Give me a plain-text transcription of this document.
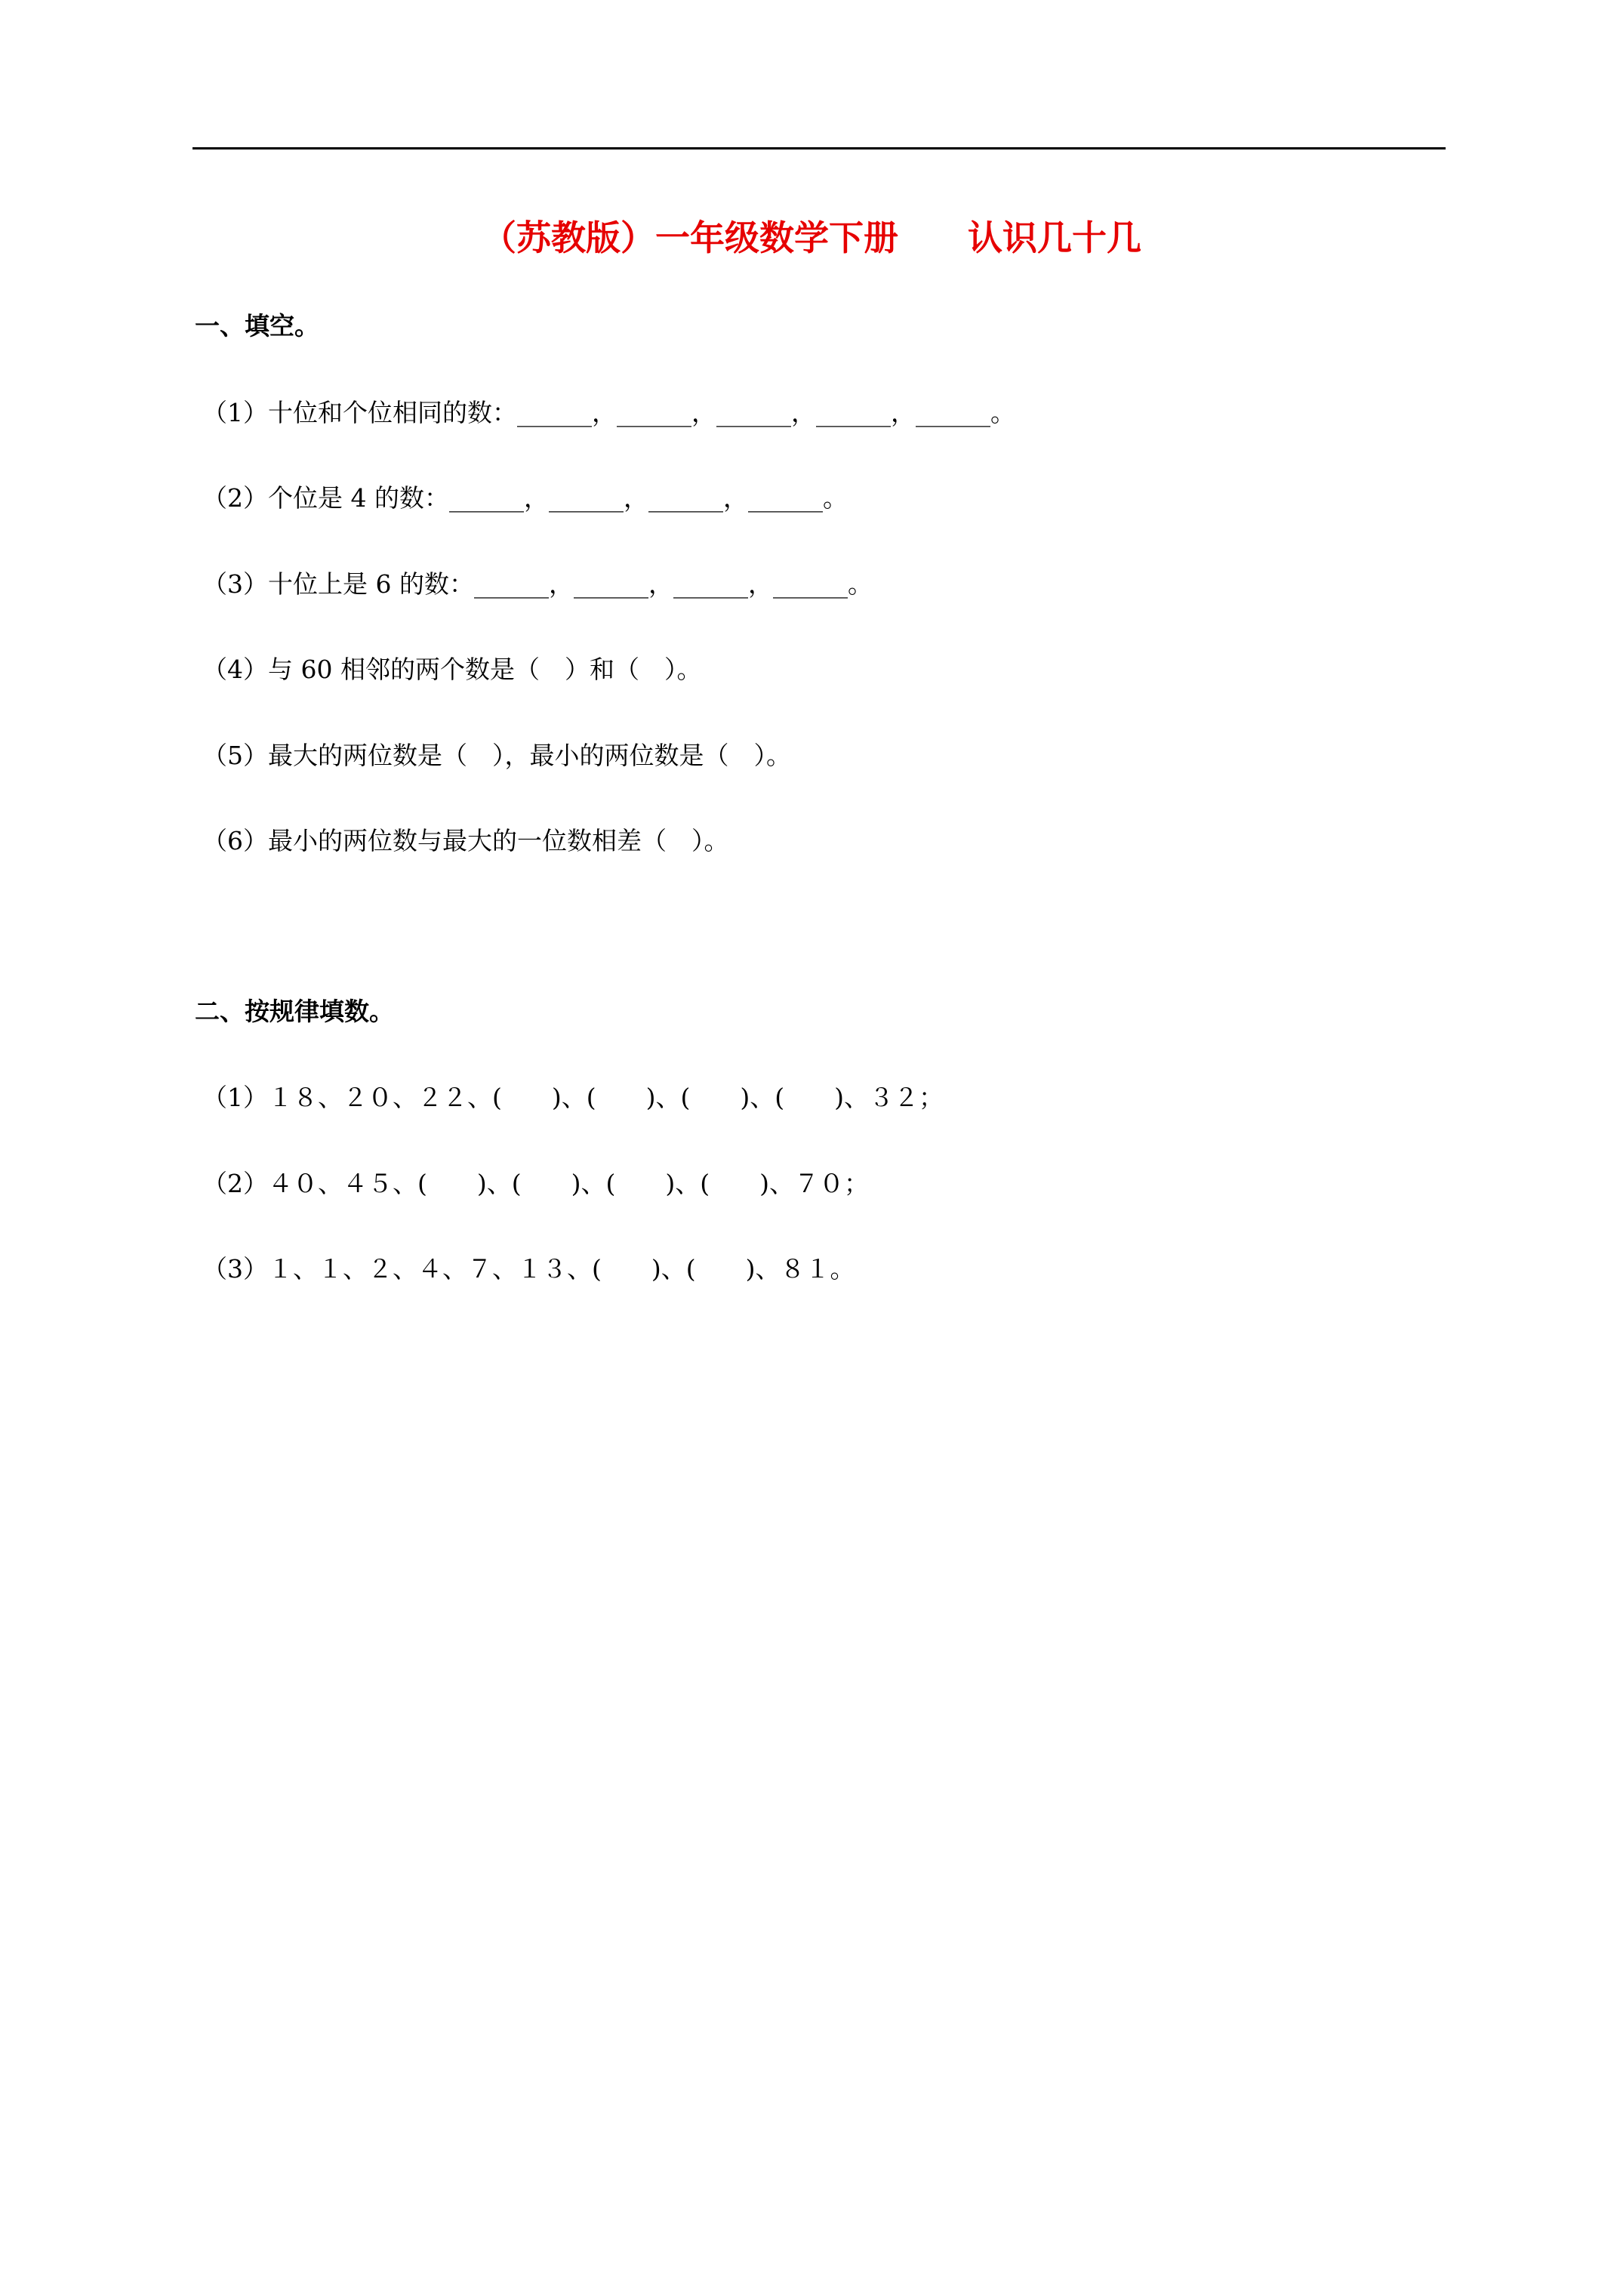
（苏教版）一年级数学下册　　认识几十几
一、填空。
（1）十位和个位相同的数：______，______，______，______，______。
（2）个位是 4 的数：______，______，______，______。
（3）十位上是 6 的数：______，______，______，______。
（4）与 60 相邻的两个数是（　）和（　）。
（5）最大的两位数是（　），最小的两位数是（　）。
（6）最小的两位数与最大的一位数相差（　）。
二、按规律填数。
（1）１８、２０、２２、(　　)、(　　)、(　　)、(　　)、３２；
（2）４０、４５、(　　)、(　　)、(　　)、(　　)、７０；
（3）１、１、２、４、７、１３、(　　)、(　　)、８１。
